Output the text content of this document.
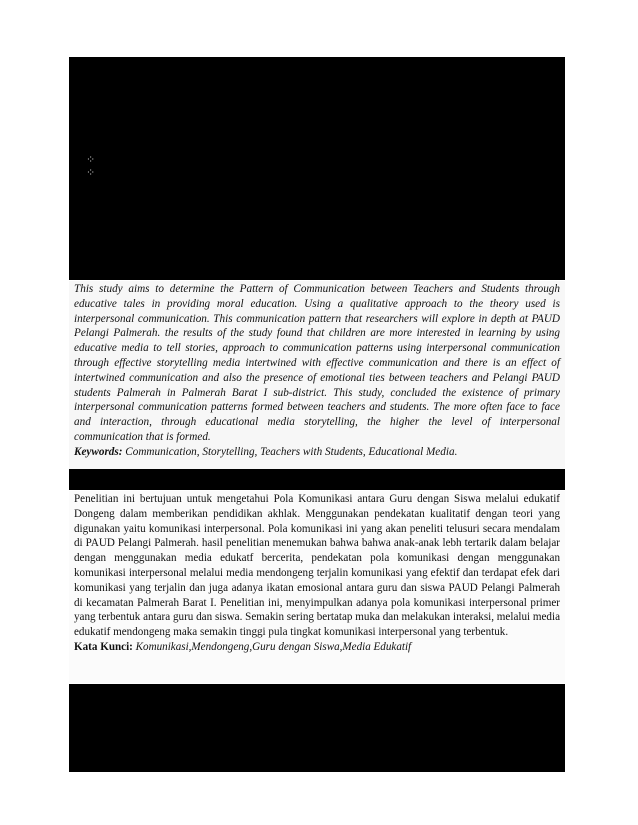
⁘
⁘
This study aims to determine the Pattern of Communication between Teachers and Students through educative tales in providing moral education. Using a qualitative approach to the theory used is interpersonal communication. This communication pattern that researchers will explore in depth at PAUD Pelangi Palmerah. the results of the study found that children are more interested in learning by using educative media to tell stories, approach to communication patterns using interpersonal communication through effective storytelling media intertwined with effective communication and there is an effect of intertwined communication and also the presence of emotional ties between teachers and Pelangi PAUD students Palmerah in Palmerah Barat I sub-district. This study, concluded the existence of primary interpersonal communication patterns formed between teachers and students. The more often face to face and interaction, through educational media storytelling, the higher the level of interpersonal communication that is formed.
Keywords: Communication, Storytelling, Teachers with Students, Educational Media.
Penelitian ini bertujuan untuk mengetahui Pola Komunikasi antara Guru dengan Siswa melalui edukatif Dongeng dalam memberikan pendidikan akhlak. Menggunakan pendekatan kualitatif dengan teori yang digunakan yaitu komunikasi interpersonal. Pola komunikasi ini yang akan peneliti telusuri secara mendalam di PAUD Pelangi Palmerah. hasil penelitian menemukan bahwa bahwa anak-anak lebh tertarik dalam belajar dengan menggunakan media edukatf bercerita, pendekatan pola komunikasi dengan menggunakan komunikasi interpersonal melalui media mendongeng terjalin komunikasi yang efektif dan terdapat efek dari komunikasi yang terjalin dan juga adanya ikatan emosional antara guru dan siswa PAUD Pelangi Palmerah di kecamatan Palmerah Barat I. Penelitian ini, menyimpulkan adanya pola komunikasi interpersonal primer yang terbentuk antara guru dan siswa. Semakin sering bertatap muka dan melakukan interaksi, melalui media edukatif mendongeng maka semakin tinggi pula tingkat komunikasi interpersonal yang terbentuk.
Kata Kunci: Komunikasi,Mendongeng,Guru dengan Siswa,Media Edukatif
